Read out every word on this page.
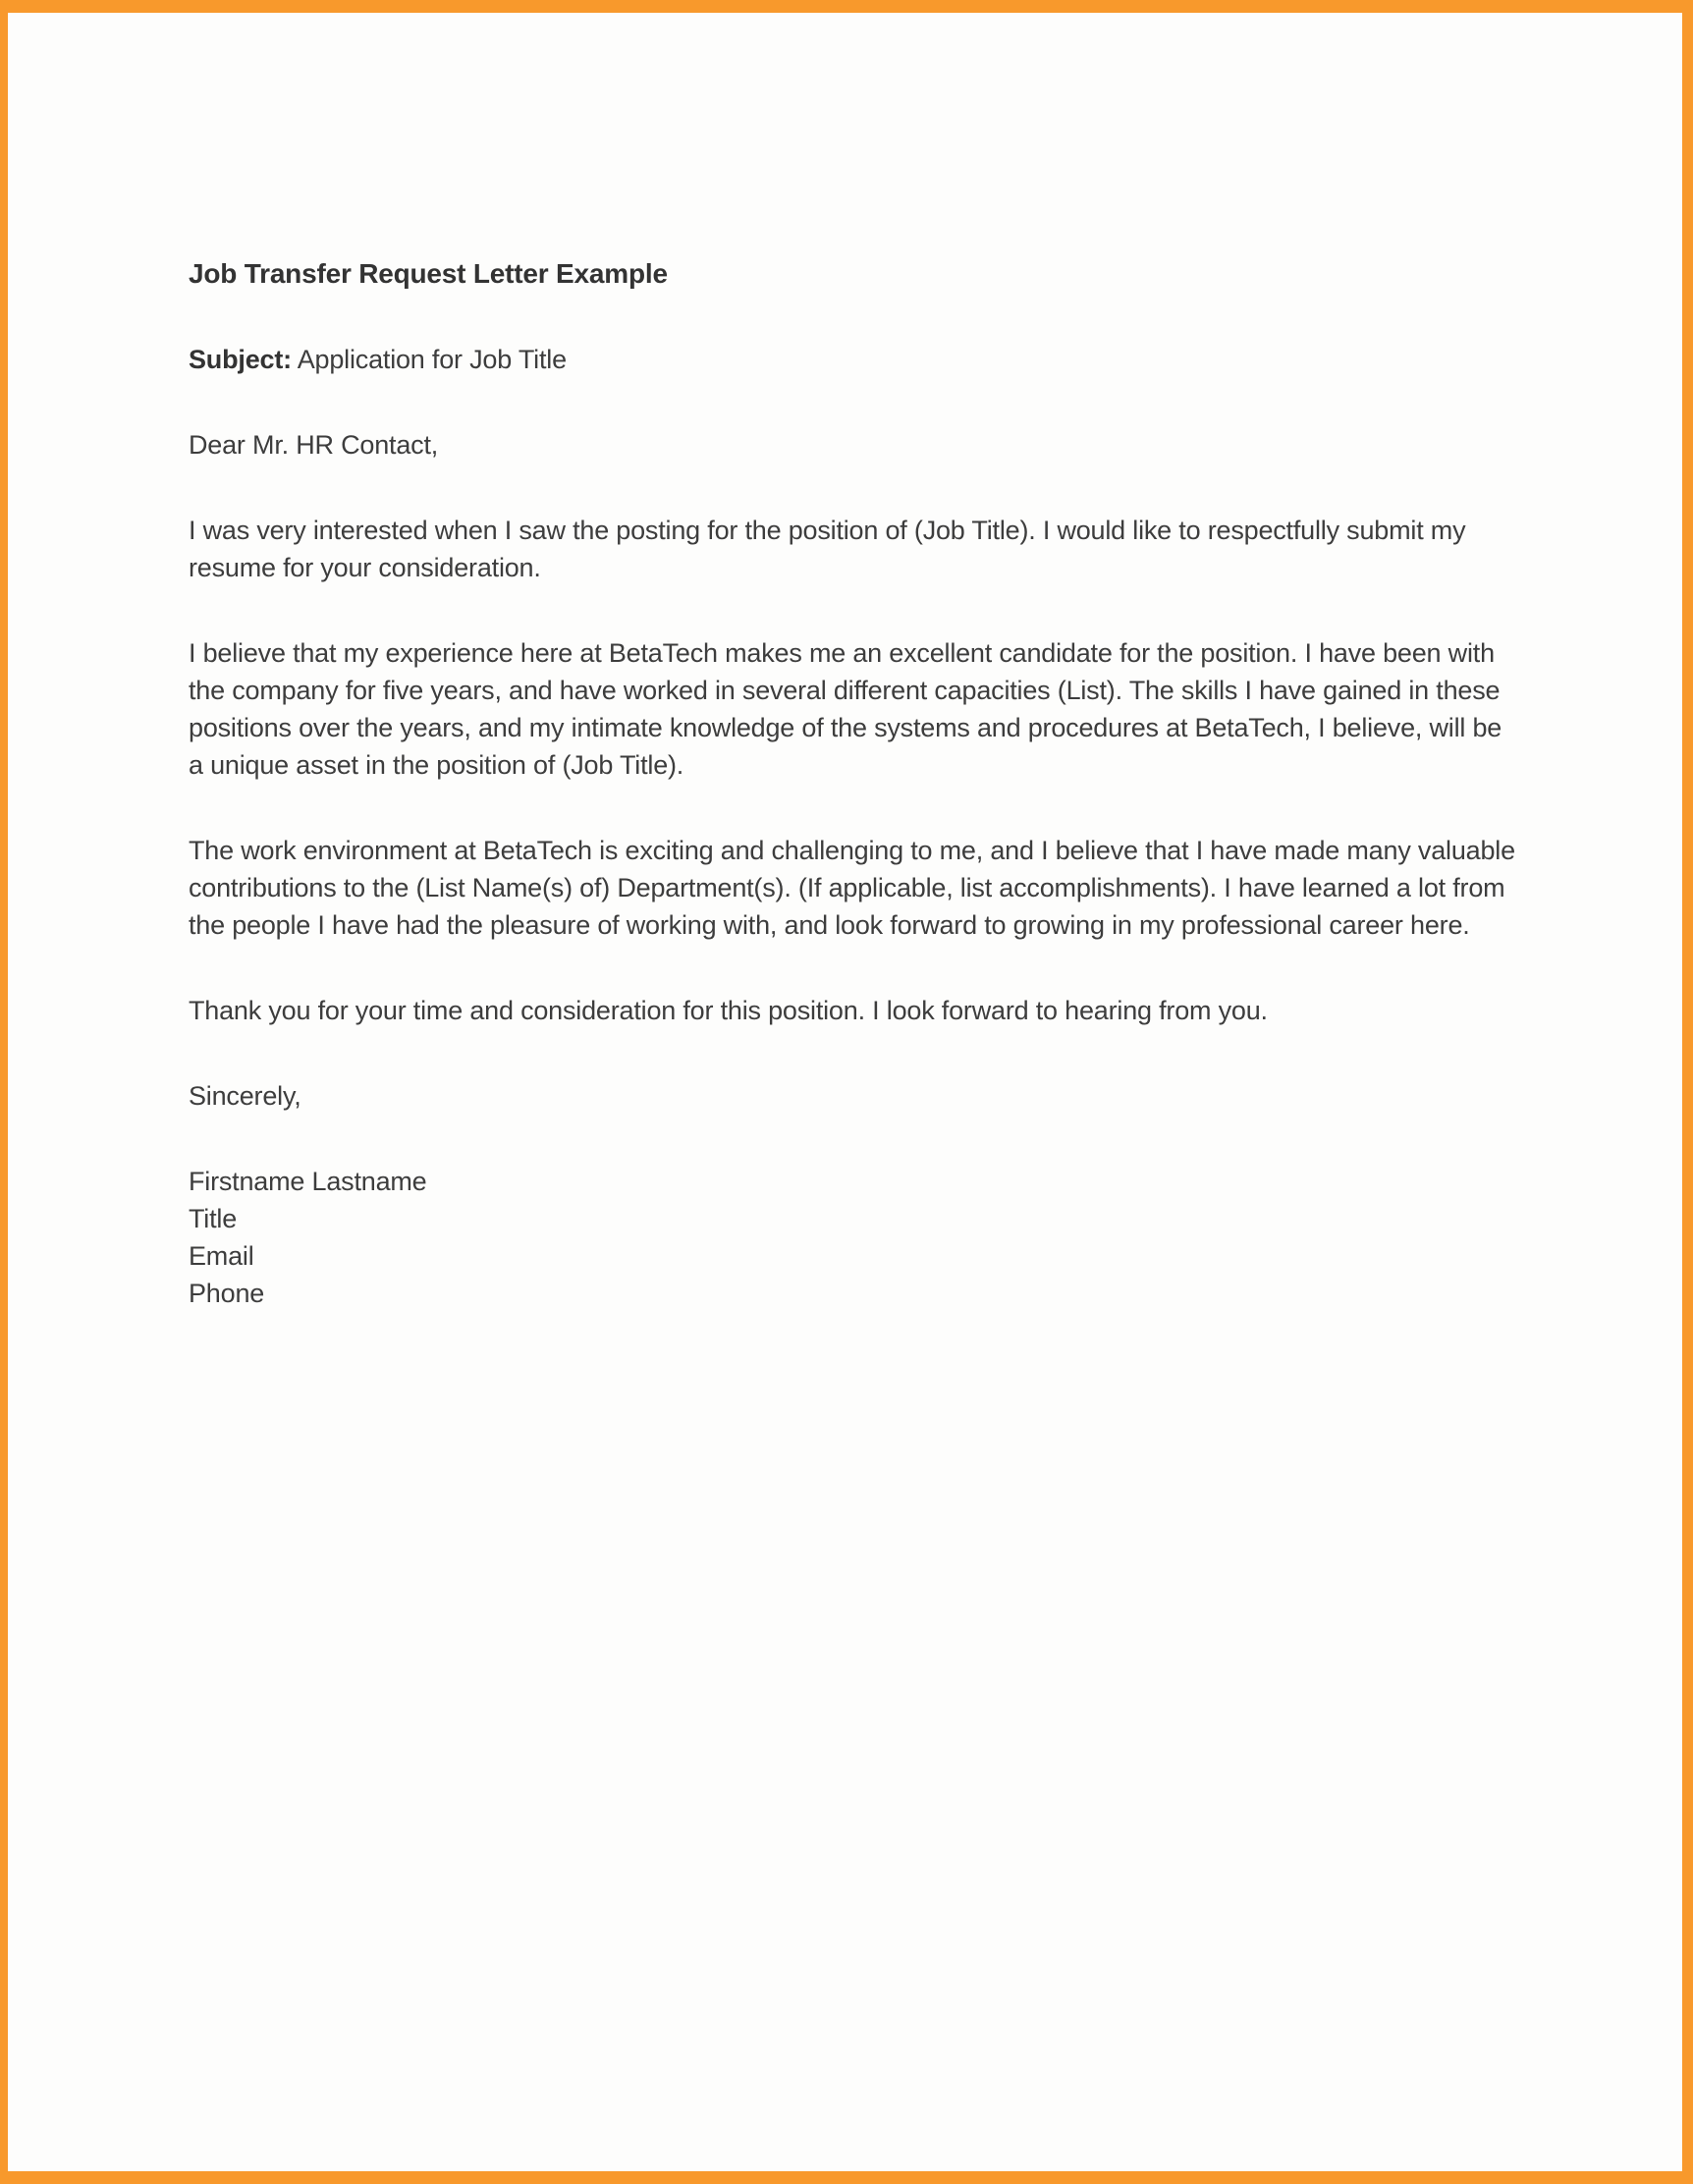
Job Transfer Request Letter Example

Subject: Application for Job Title

Dear Mr. HR Contact,

I was very interested when I saw the posting for the position of (Job Title). I would like to respectfully submit my resume for your consideration.

I believe that my experience here at BetaTech makes me an excellent candidate for the position. I have been with the company for five years, and have worked in several different capacities (List). The skills I have gained in these positions over the years, and my intimate knowledge of the systems and procedures at BetaTech, I believe, will be a unique asset in the position of (Job Title).

The work environment at BetaTech is exciting and challenging to me, and I believe that I have made many valuable contributions to the (List Name(s) of) Department(s). (If applicable, list accomplishments). I have learned a lot from the people I have had the pleasure of working with, and look forward to growing in my professional career here.

Thank you for your time and consideration for this position. I look forward to hearing from you.

Sincerely,

Firstname Lastname
Title
Email
Phone
